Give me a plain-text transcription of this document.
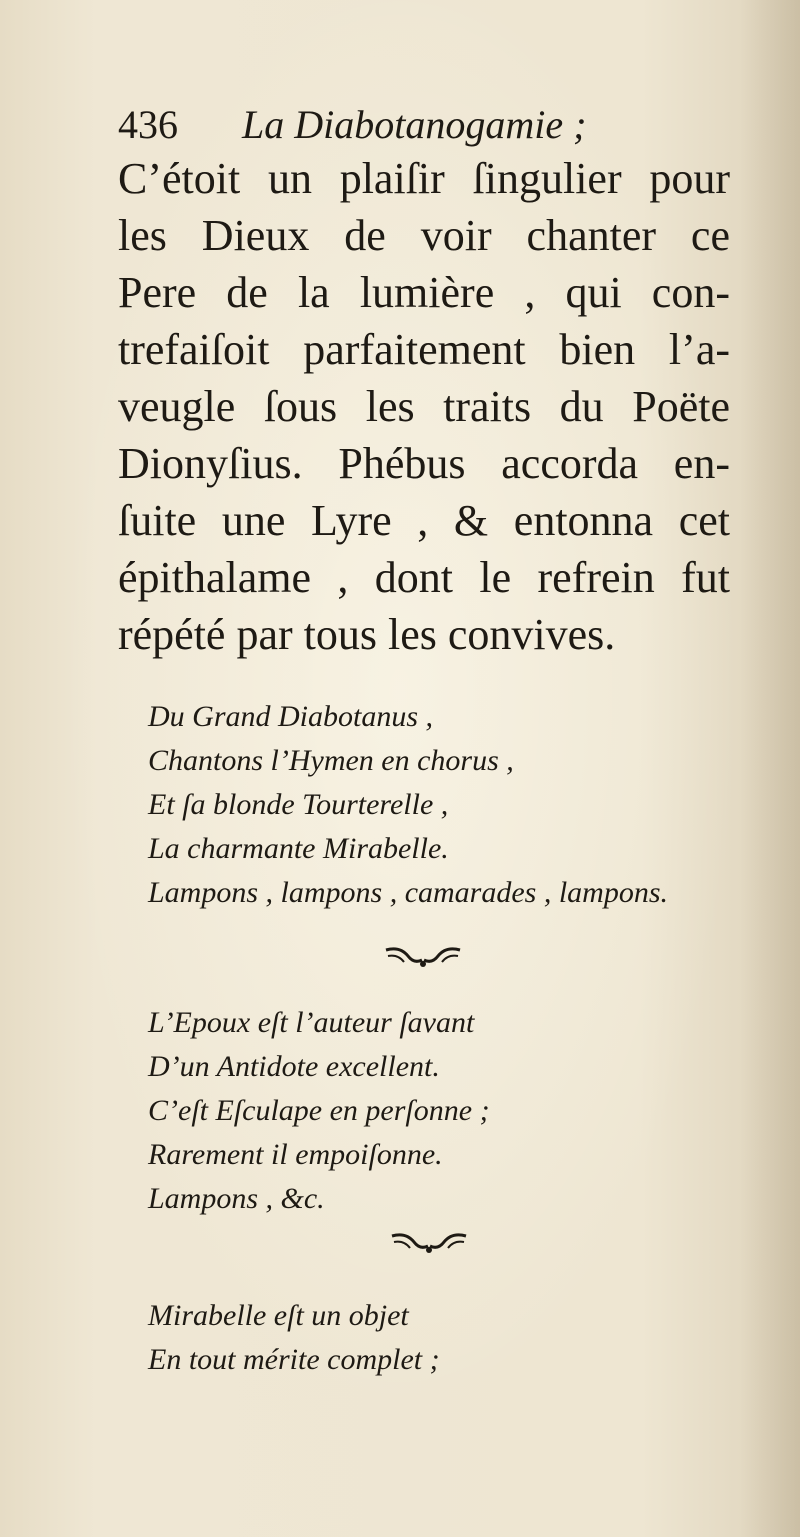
436 La Diabotanogamie ;
C’étoit un plaiſir ſingulier pour
les Dieux de voir chanter ce
Pere de la lumière , qui con-
trefaiſoit parfaitement bien l’a-
veugle ſous les traits du Poëte
Dionyſius. Phébus accorda en-
ſuite une Lyre , & entonna cet
épithalame , dont le refrein fut
répété par tous les convives.
Du Grand Diabotanus ,
Chantons l’Hymen en chorus ,
Et ſa blonde Tourterelle ,
La charmante Mirabelle.
Lampons , lampons , camarades , lampons.
L’Epoux eſt l’auteur ſavant
D’un Antidote excellent.
C’eſt Eſculape en perſonne ;
Rarement il empoiſonne.
Lampons , &c.
Mirabelle eſt un objet
En tout mérite complet ;
